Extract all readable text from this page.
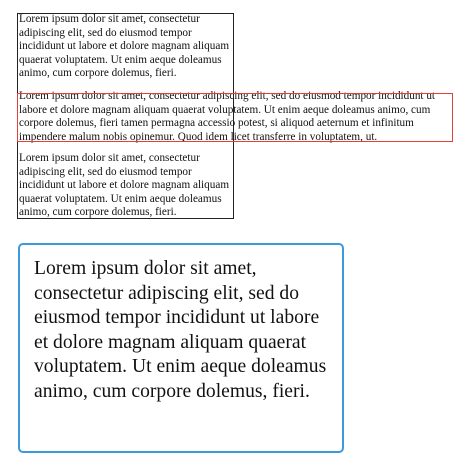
Lorem ipsum dolor sit amet, consectetur adipiscing elit, sed do eiusmod tempor incididunt ut labore et dolore magnam aliquam quaerat voluptatem. Ut enim aeque doleamus animo, cum corpore dolemus, fieri.

Lorem ipsum dolor sit amet, consectetur adipiscing elit, sed do eiusmod tempor incididunt ut labore et dolore magnam aliquam quaerat voluptatem. Ut enim aeque doleamus animo, cum corpore dolemus, fieri tamen permagna accessio potest, si aliquod aeternum et infinitum impendere malum nobis opinemur. Quod idem licet transferre in voluptatem, ut.

Lorem ipsum dolor sit amet, consectetur adipiscing elit, sed do eiusmod tempor incididunt ut labore et dolore magnam aliquam quaerat voluptatem. Ut enim aeque doleamus animo, cum corpore dolemus, fieri.

Lorem ipsum dolor sit amet, consectetur adipiscing elit, sed do eiusmod tempor incididunt ut labore et dolore magnam aliquam quaerat voluptatem. Ut enim aeque doleamus animo, cum corpore dolemus, fieri.
